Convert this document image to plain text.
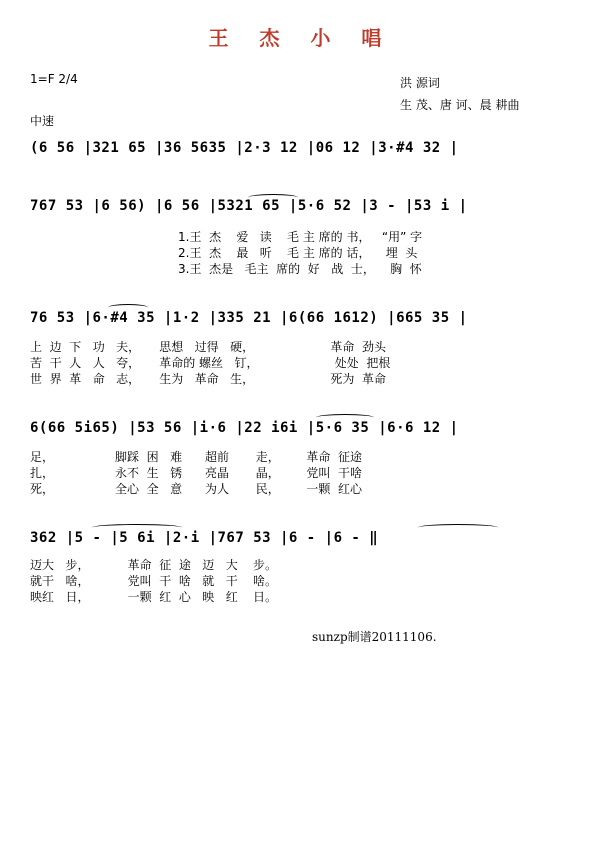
王 杰 小 唱
1=F 2/4	洪 源词
生 茂、唐 诃、晨 耕曲
中速
(6 56 |321 65 |36 5635 |2·3 12 |06 12 |3·#4 32 |
767 53 |6 56) |6 56 |5321 65 |5·6 52 |3 - |53 i |
1.王  杰    爱   读    毛 主 席的 书，   “用” 字
2.王  杰    最   听    毛 主 席的 话，    埋  头
3.王  杰是   毛主  席的  好   战  士，    胸  怀
76 53 |6·#4 35 |1·2 |335 21 |6(66 1612) |665 35 |
上  边  下   功   夫，     思想   过得   硬，                    革命  劲头
苦  干  人   人   夸，     革命的 螺丝   钉，                    处处  把根
世  界  革   命   志，     生为   革命   生，                    死为  革命
6(66 5i65) |53 56 |i·6 |22 i6i |5·6 35 |6·6 12 |
足，                脚踩  困   难      超前       走，       革命  征途
扎，                永不  生   锈      亮晶       晶，       党叫  干啥
死，                全心  全   意      为人       民，       一颗  红心
362 |5 - |5 6i |2·i |767 53 |6 - |6 - ‖
迈大   步，          革命  征  途   迈   大    步。
就干   啥，          党叫  干  啥   就   干    啥。
映红   日，          一颗  红  心   映   红    日。
sunzp制谱20111106.
